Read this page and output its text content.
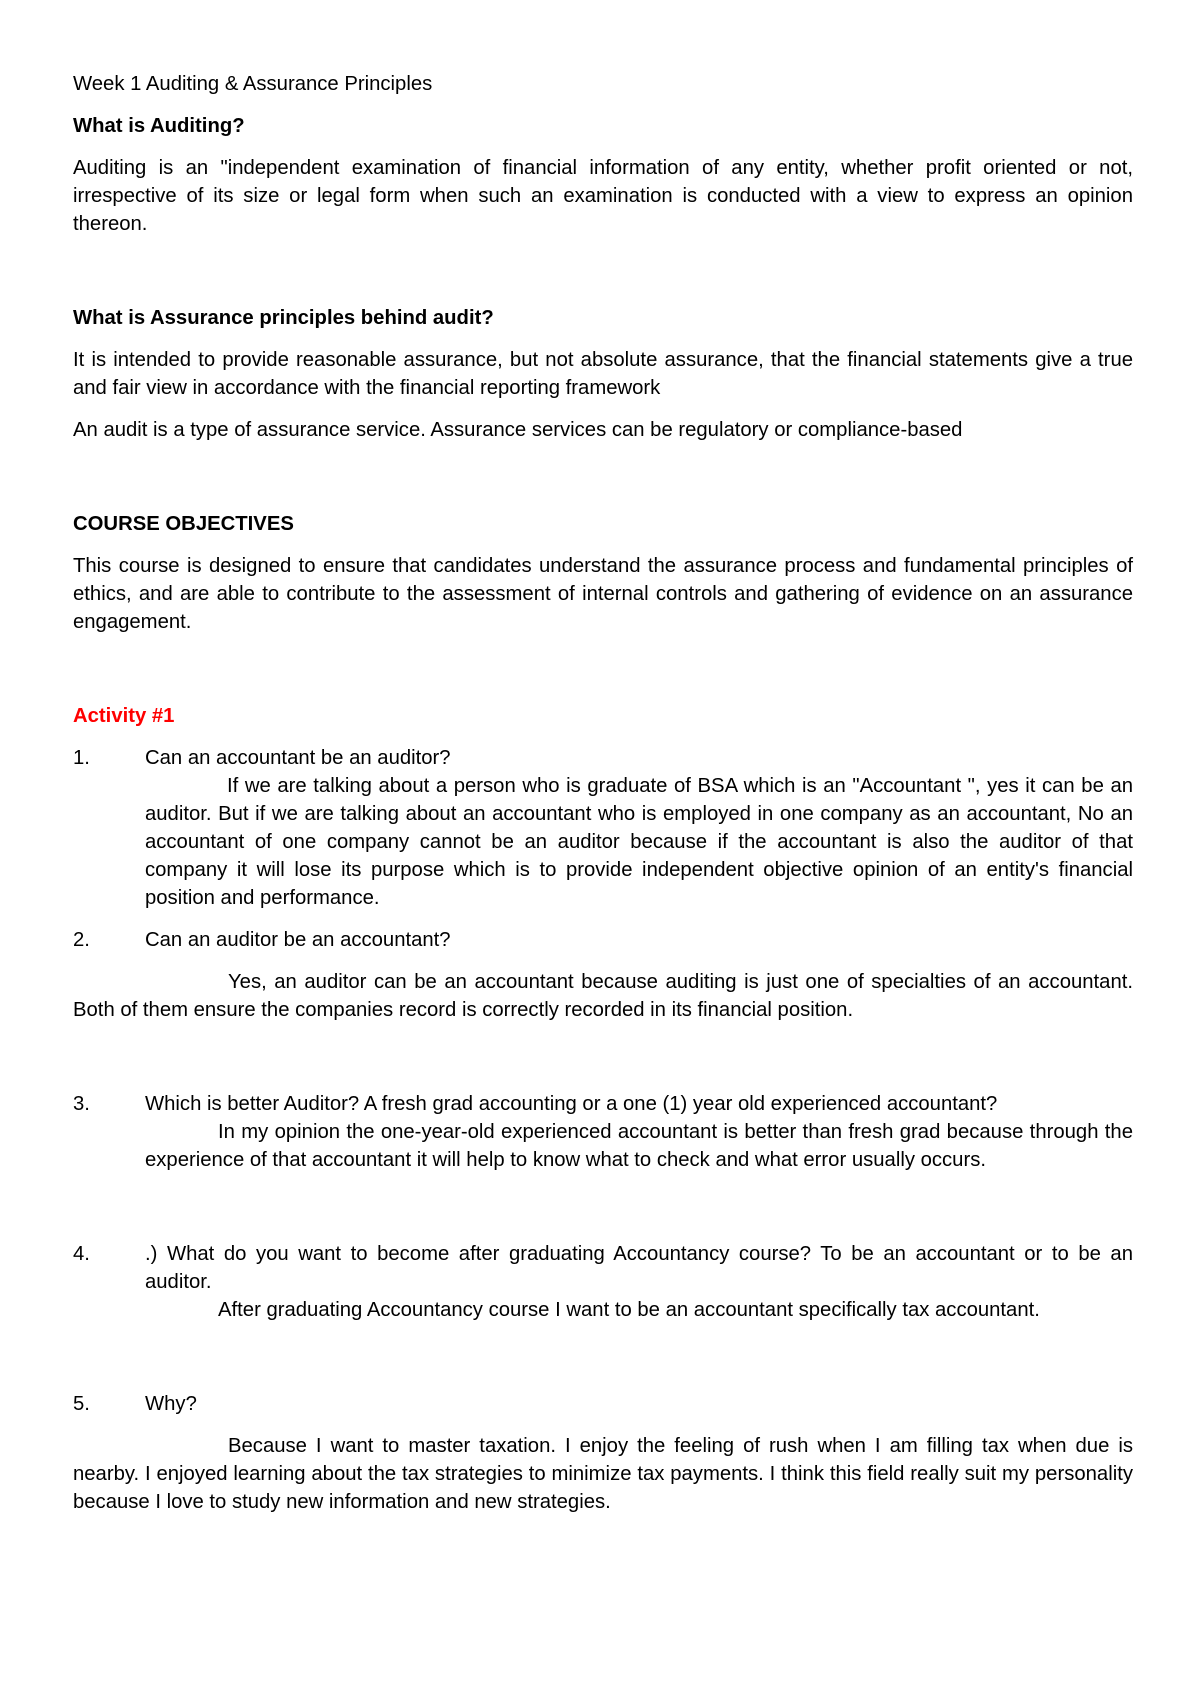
Week 1 Auditing & Assurance Principles

What is Auditing?

Auditing is an "independent examination of financial information of any entity, whether profit oriented or not, irrespective of its size or legal form when such an examination is conducted with a view to express an opinion thereon.

What is Assurance principles behind audit?

It is intended to provide reasonable assurance, but not absolute assurance, that the financial statements give a true and fair view in accordance with the financial reporting framework

An audit is a type of assurance service. Assurance services can be regulatory or compliance-based

COURSE OBJECTIVES

This course is designed to ensure that candidates understand the assurance process and fundamental principles of ethics, and are able to contribute to the assessment of internal controls and gathering of evidence on an assurance engagement.

Activity #1

1.	Can an accountant be an auditor?

If we are talking about a person who is graduate of BSA which is an "Accountant ", yes it can be an auditor. But if we are talking about an accountant who is employed in one company as an accountant, No an accountant of one company cannot be an auditor because if the accountant is also the auditor of that company it will lose its purpose which is to provide independent objective opinion of an entity's financial position and performance.

2.	Can an auditor be an accountant?

Yes, an auditor can be an accountant because auditing is just one of specialties of an accountant. Both of them ensure the companies record is correctly recorded in its financial position.

3.	Which is better Auditor? A fresh grad accounting or a one (1) year old experienced accountant?

In my opinion the one-year-old experienced accountant is better than fresh grad because through the experience of that accountant it will help to know what to check and what error usually occurs.

4.	.) What do you want to become after graduating Accountancy course? To be an accountant or to be an auditor.

After graduating Accountancy course I want to be an accountant specifically tax accountant.

5.	Why?

Because I want to master taxation. I enjoy the feeling of rush when I am filling tax when due is nearby. I enjoyed learning about the tax strategies to minimize tax payments. I think this field really suit my personality because I love to study new information and new strategies.
